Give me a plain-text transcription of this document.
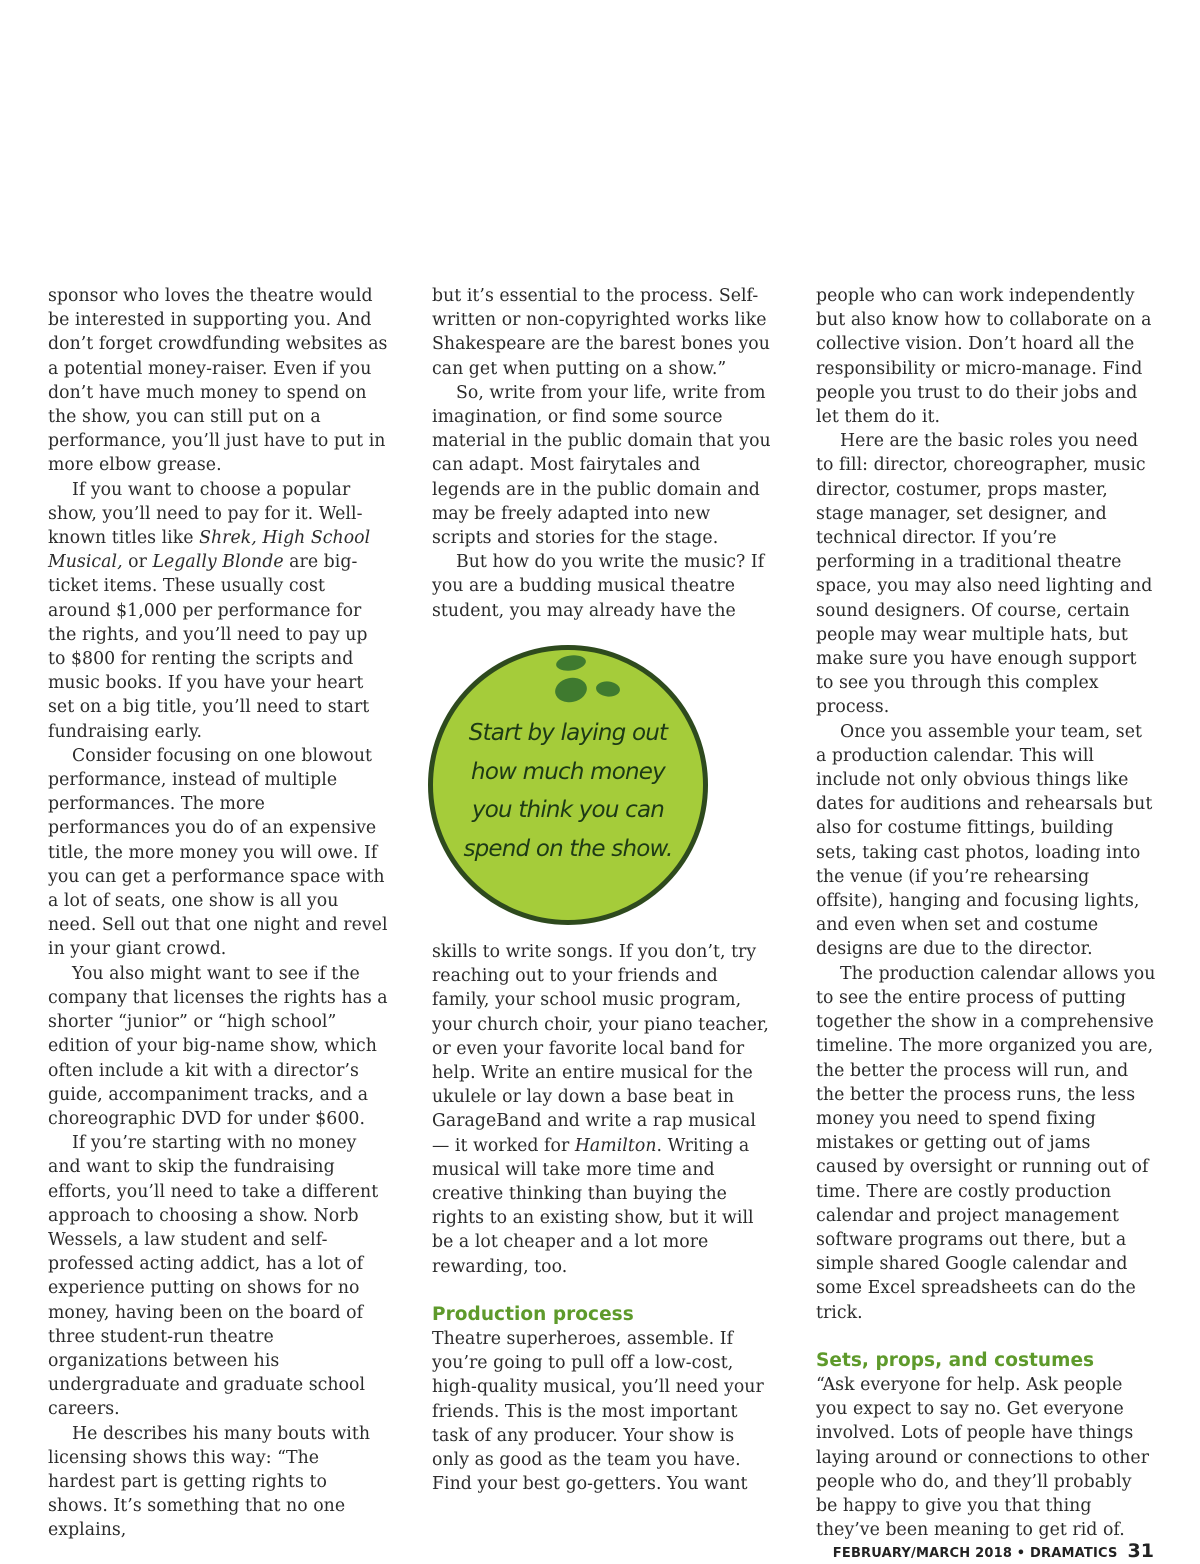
sponsor who loves the theatre would be interested in supporting you. And don’t forget crowdfunding websites as a potential money-raiser. Even if you don’t have much money to spend on the show, you can still put on a performance, you’ll just have to put in more elbow grease.

If you want to choose a popular show, you’ll need to pay for it. Well-known titles like Shrek, High School Musical, or Legally Blonde are big-ticket items. These usually cost around $1,000 per performance for the rights, and you’ll need to pay up to $800 for renting the scripts and music books. If you have your heart set on a big title, you’ll need to start fundraising early.

Consider focusing on one blowout performance, instead of multiple performances. The more performances you do of an expensive title, the more money you will owe. If you can get a performance space with a lot of seats, one show is all you need. Sell out that one night and revel in your giant crowd.

You also might want to see if the company that licenses the rights has a shorter “junior” or “high school” edition of your big-name show, which often include a kit with a director’s guide, accompaniment tracks, and a choreographic DVD for under $600.

If you’re starting with no money and want to skip the fundraising efforts, you’ll need to take a different approach to choosing a show. Norb Wessels, a law student and self-professed acting addict, has a lot of experience putting on shows for no money, having been on the board of three student-run theatre organizations between his undergraduate and graduate school careers.

He describes his many bouts with licensing shows this way: “The hardest part is getting rights to shows. It’s something that no one explains,

but it’s essential to the process. Self-written or non-copyrighted works like Shakespeare are the barest bones you can get when putting on a show.”

So, write from your life, write from imagination, or find some source material in the public domain that you can adapt. Most fairytales and legends are in the public domain and may be freely adapted into new scripts and stories for the stage.

But how do you write the music? If you are a budding musical theatre student, you may already have the

Start by laying out how much money you think you can spend on the show.

skills to write songs. If you don’t, try reaching out to your friends and family, your school music program, your church choir, your piano teacher, or even your favorite local band for help. Write an entire musical for the ukulele or lay down a base beat in GarageBand and write a rap musical — it worked for Hamilton. Writing a musical will take more time and creative thinking than buying the rights to an existing show, but it will be a lot cheaper and a lot more rewarding, too.

Production process

Theatre superheroes, assemble. If you’re going to pull off a low-cost, high-quality musical, you’ll need your friends. This is the most important task of any producer. Your show is only as good as the team you have. Find your best go-getters. You want

people who can work independently but also know how to collaborate on a collective vision. Don’t hoard all the responsibility or micro-manage. Find people you trust to do their jobs and let them do it.

Here are the basic roles you need to fill: director, choreographer, music director, costumer, props master, stage manager, set designer, and technical director. If you’re performing in a traditional theatre space, you may also need lighting and sound designers. Of course, certain people may wear multiple hats, but make sure you have enough support to see you through this complex process.

Once you assemble your team, set a production calendar. This will include not only obvious things like dates for auditions and rehearsals but also for costume fittings, building sets, taking cast photos, loading into the venue (if you’re rehearsing offsite), hanging and focusing lights, and even when set and costume designs are due to the director.

The production calendar allows you to see the entire process of putting together the show in a comprehensive timeline. The more organized you are, the better the process will run, and the better the process runs, the less money you need to spend fixing mistakes or getting out of jams caused by oversight or running out of time. There are costly production calendar and project management software programs out there, but a simple shared Google calendar and some Excel spreadsheets can do the trick.

Sets, props, and costumes

“Ask everyone for help. Ask people you expect to say no. Get everyone involved. Lots of people have things laying around or connections to other people who do, and they’ll probably be happy to give you that thing they’ve been meaning to get rid of.

FEBRUARY/MARCH 2018 • DRAMATICS 31
